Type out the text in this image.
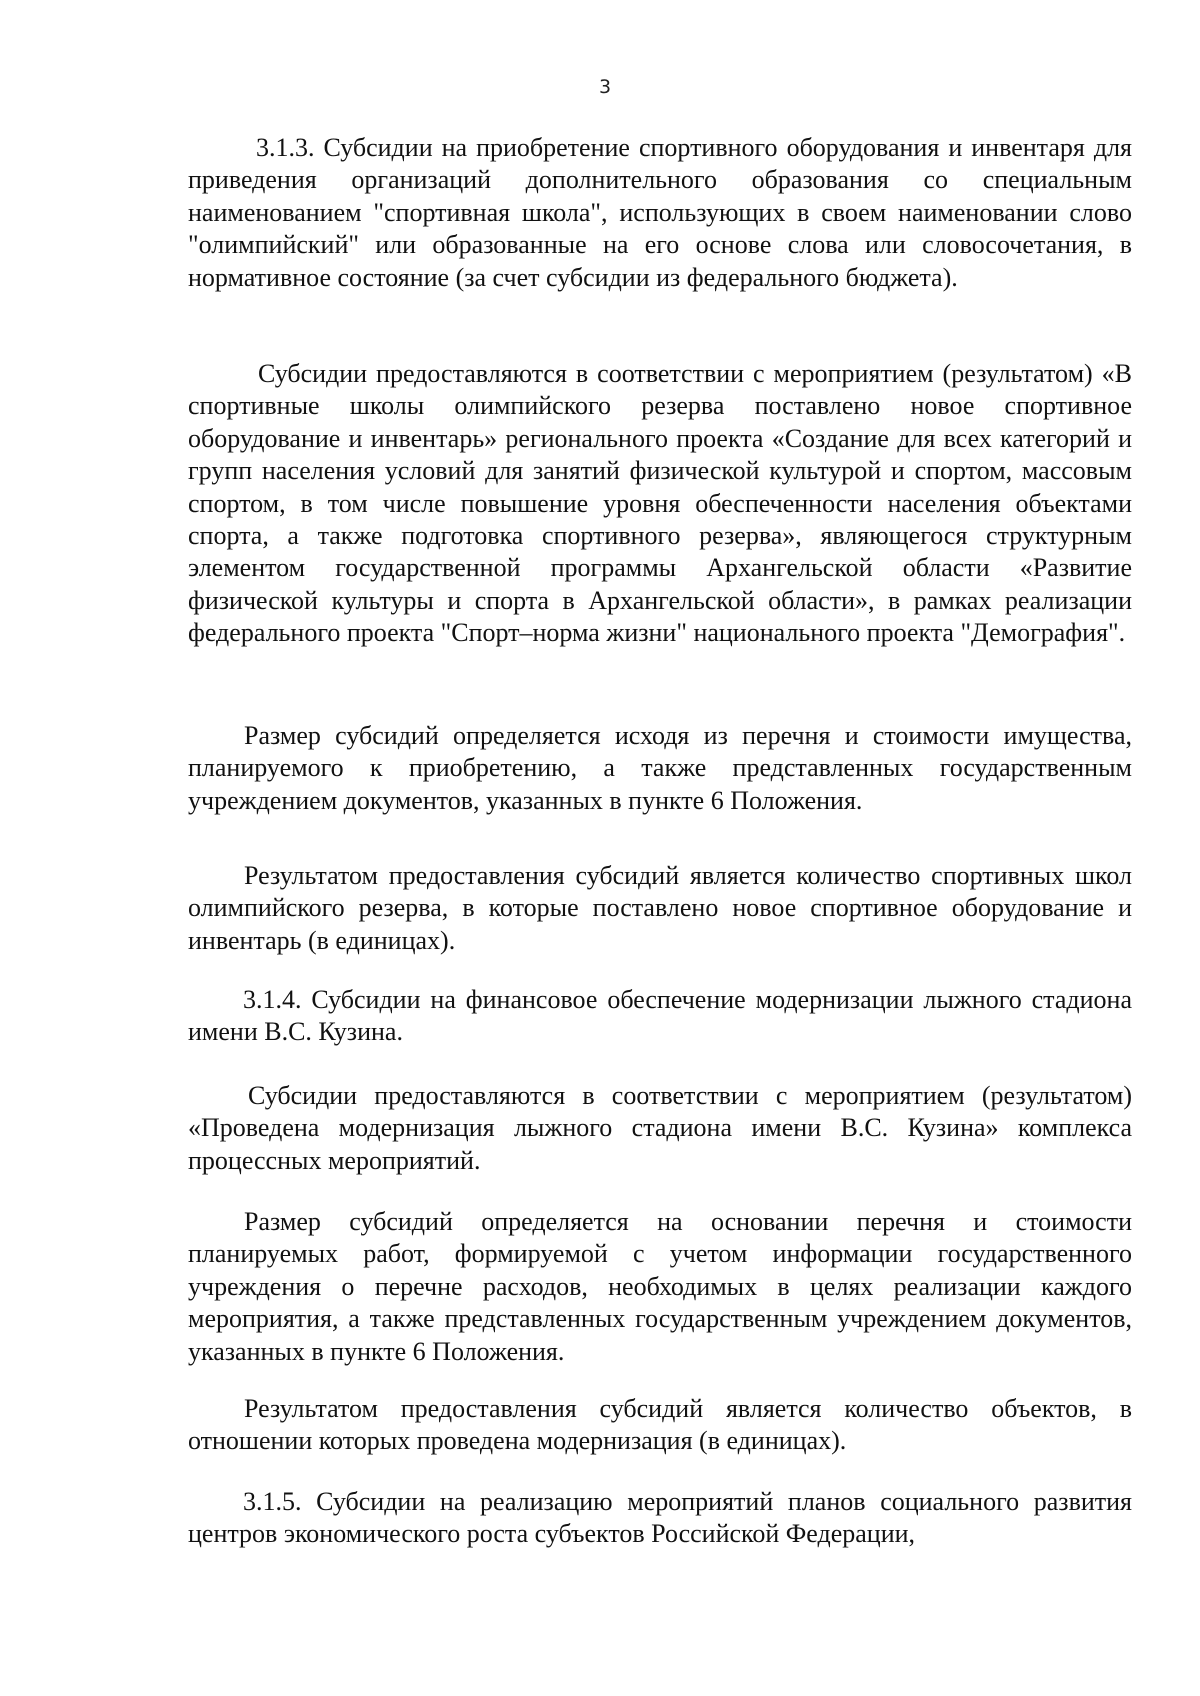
3

3.1.3. Субсидии на приобретение спортивного оборудования и инвентаря для приведения организаций дополнительного образования со специальным наименованием "спортивная школа", использующих в своем наименовании слово "олимпийский" или образованные на его основе слова или словосочетания, в нормативное состояние (за счет субсидии из федерального бюджета).

Субсидии предоставляются в соответствии с мероприятием (результатом) «В спортивные школы олимпийского резерва поставлено новое спортивное оборудование и инвентарь» регионального проекта «Создание для всех категорий и групп населения условий для занятий физической культурой и спортом, массовым спортом, в том числе повышение уровня обеспеченности населения объектами спорта, а также подготовка спортивного резерва», являющегося структурным элементом государственной программы Архангельской области «Развитие физической культуры и спорта в Архангельской области», в рамках реализации федерального проекта "Спорт–норма жизни" национального проекта "Демография".

Размер субсидий определяется исходя из перечня и стоимости имущества, планируемого к приобретению, а также представленных государственным учреждением документов, указанных в пункте 6 Положения.

Результатом предоставления субсидий является количество спортивных школ олимпийского резерва, в которые поставлено новое спортивное оборудование и инвентарь (в единицах).

3.1.4. Субсидии на финансовое обеспечение модернизации лыжного стадиона имени В.С. Кузина.

Субсидии предоставляются в соответствии с мероприятием (результатом) «Проведена модернизация лыжного стадиона имени В.С. Кузина» комплекса процессных мероприятий.

Размер субсидий определяется на основании перечня и стоимости планируемых работ, формируемой с учетом информации государственного учреждения о перечне расходов, необходимых в целях реализации каждого мероприятия, а также представленных государственным учреждением документов, указанных в пункте 6 Положения.

Результатом предоставления субсидий является количество объектов, в отношении которых проведена модернизация (в единицах).

3.1.5. Субсидии на реализацию мероприятий планов социального развития центров экономического роста субъектов Российской Федерации,
